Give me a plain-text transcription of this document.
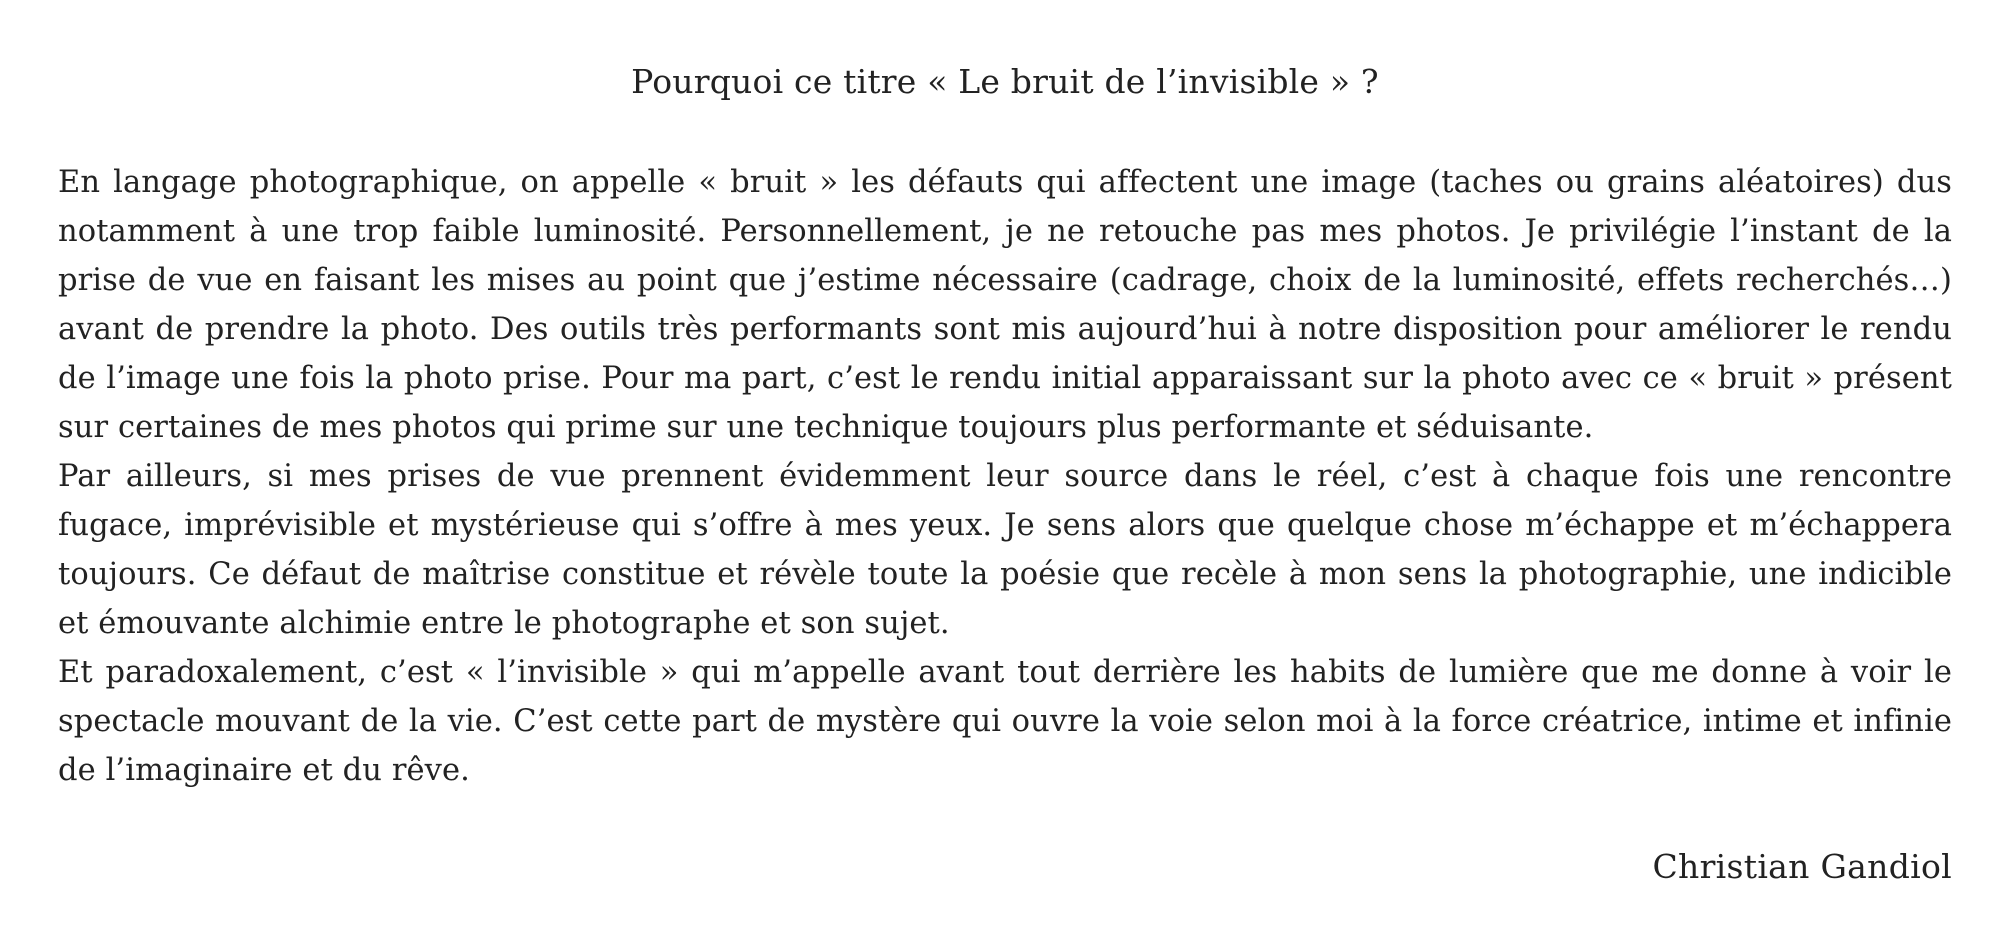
Pourquoi ce titre « Le bruit de l’invisible » ?

En langage photographique, on appelle « bruit » les défauts qui affectent une image (taches ou grains aléatoires) dus notamment à une trop faible luminosité. Personnellement, je ne retouche pas mes photos. Je privilégie l’instant de la prise de vue en faisant les mises au point que j’estime nécessaire (cadrage, choix de la luminosité, effets recherchés…) avant de prendre la photo. Des outils très performants sont mis aujourd’hui à notre disposition pour améliorer le rendu de l’image une fois la photo prise. Pour ma part, c’est le rendu initial apparaissant sur la photo avec ce « bruit » présent sur certaines de mes photos qui prime sur une technique toujours plus performante et séduisante.

Par ailleurs, si mes prises de vue prennent évidemment leur source dans le réel, c’est à chaque fois une rencontre fugace, imprévisible et mystérieuse qui s’offre à mes yeux. Je sens alors que quelque chose m’échappe et m’échappera toujours. Ce défaut de maîtrise constitue et révèle toute la poésie que recèle à mon sens la photographie, une indicible et émouvante alchimie entre le photographe et son sujet.

Et paradoxalement, c’est « l’invisible » qui m’appelle avant tout derrière les habits de lumière que me donne à voir le spectacle mouvant de la vie. C’est cette part de mystère qui ouvre la voie selon moi à la force créatrice, intime et infinie de l’imaginaire et du rêve.

Christian Gandiol
